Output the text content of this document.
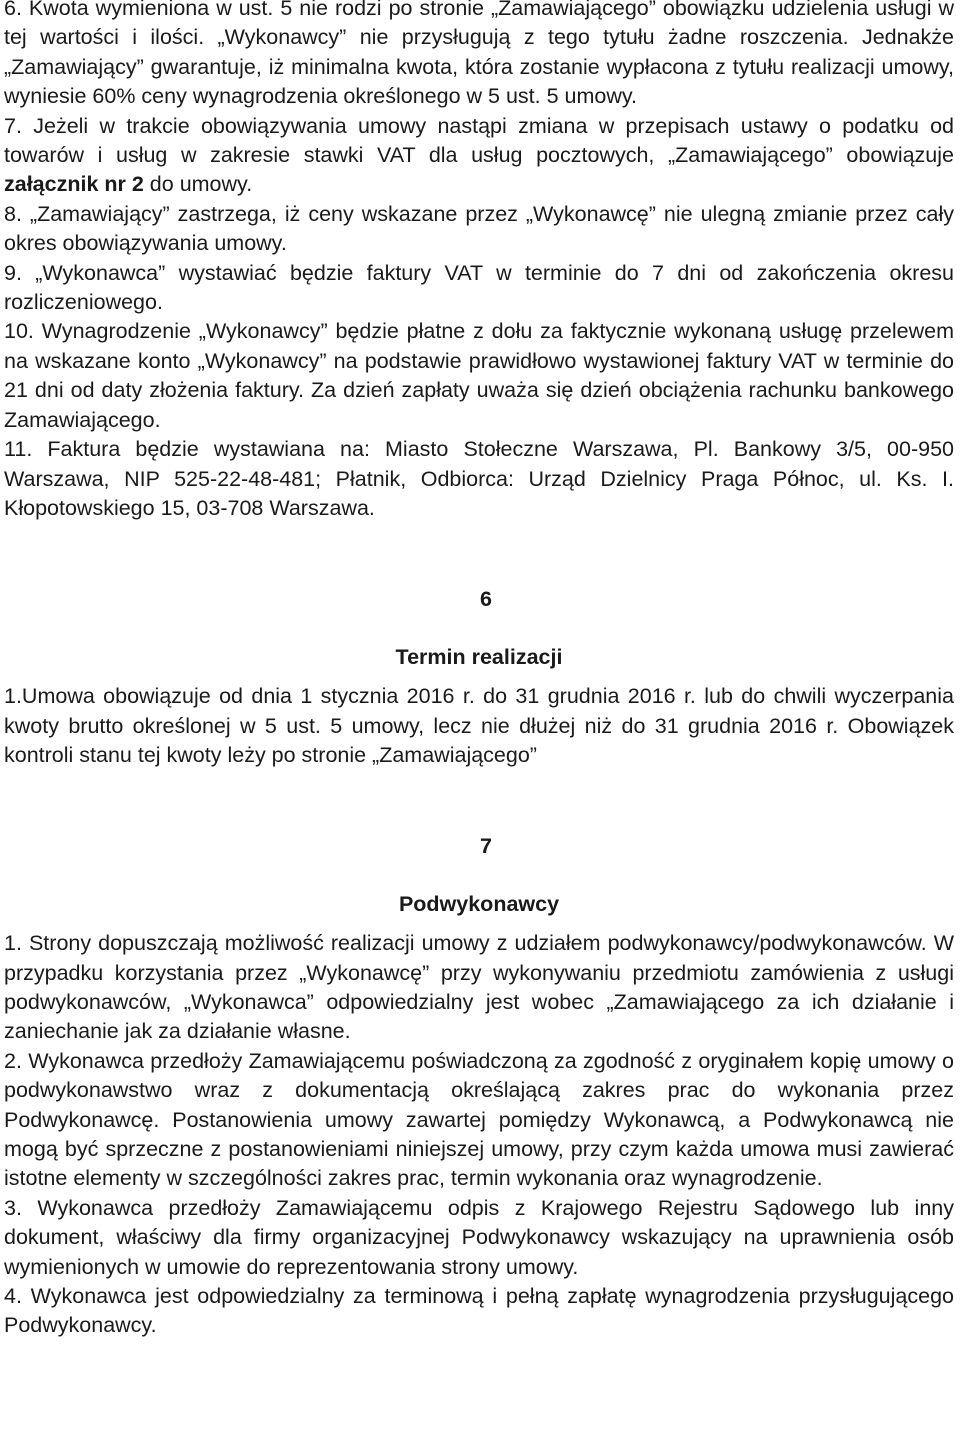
6. Kwota wymieniona w ust. 5 nie rodzi po stronie „Zamawiającego” obowiązku udzielenia usługi w tej wartości i ilości. „Wykonawcy” nie przysługują z tego tytułu żadne roszczenia. Jednakże „Zamawiający” gwarantuje, iż minimalna kwota, która zostanie wypłacona z tytułu realizacji umowy, wyniesie 60% ceny wynagrodzenia określonego w 5 ust. 5 umowy.

7. Jeżeli w trakcie obowiązywania umowy nastąpi zmiana w przepisach ustawy o podatku od towarów i usług w zakresie stawki VAT dla usług pocztowych, „Zamawiającego” obowiązuje załącznik nr 2 do umowy.

8. „Zamawiający” zastrzega, iż ceny wskazane przez „Wykonawcę” nie ulegną zmianie przez cały okres obowiązywania umowy.

9. „Wykonawca” wystawiać będzie faktury VAT w terminie do 7 dni od zakończenia okresu rozliczeniowego.

10. Wynagrodzenie „Wykonawcy” będzie płatne z dołu za faktycznie wykonaną usługę przelewem na wskazane konto „Wykonawcy” na podstawie prawidłowo wystawionej faktury VAT w terminie do 21 dni od daty złożenia faktury. Za dzień zapłaty uważa się dzień obciążenia rachunku bankowego Zamawiającego.

11. Faktura będzie wystawiana na: Miasto Stołeczne Warszawa, Pl. Bankowy 3/5, 00-950 Warszawa, NIP 525-22-48-481; Płatnik, Odbiorca: Urząd Dzielnicy Praga Północ, ul. Ks. I. Kłopotowskiego 15, 03-708 Warszawa.

6
Termin realizacji

1.Umowa obowiązuje od dnia 1 stycznia 2016 r. do 31 grudnia 2016 r. lub do chwili wyczerpania kwoty brutto określonej w 5 ust. 5 umowy, lecz nie dłużej niż do 31 grudnia 2016 r. Obowiązek kontroli stanu tej kwoty leży po stronie „Zamawiającego”

7
Podwykonawcy

1. Strony dopuszczają możliwość realizacji umowy z udziałem podwykonawcy/podwykonawców. W przypadku korzystania przez „Wykonawcę” przy wykonywaniu przedmiotu zamówienia z usługi podwykonawców, „Wykonawca” odpowiedzialny jest wobec „Zamawiającego za ich działanie i zaniechanie jak za działanie własne.

2. Wykonawca przedłoży Zamawiającemu poświadczoną za zgodność z oryginałem kopię umowy o podwykonawstwo wraz z dokumentacją określającą zakres prac do wykonania przez Podwykonawcę. Postanowienia umowy zawartej pomiędzy Wykonawcą, a Podwykonawcą nie mogą być sprzeczne z postanowieniami niniejszej umowy, przy czym każda umowa musi zawierać istotne elementy w szczególności zakres prac, termin wykonania oraz wynagrodzenie.

3. Wykonawca przedłoży Zamawiającemu odpis z Krajowego Rejestru Sądowego lub inny dokument, właściwy dla firmy organizacyjnej Podwykonawcy wskazujący na uprawnienia osób wymienionych w umowie do reprezentowania strony umowy.

4. Wykonawca jest odpowiedzialny za terminową i pełną zapłatę wynagrodzenia przysługującego Podwykonawcy.
